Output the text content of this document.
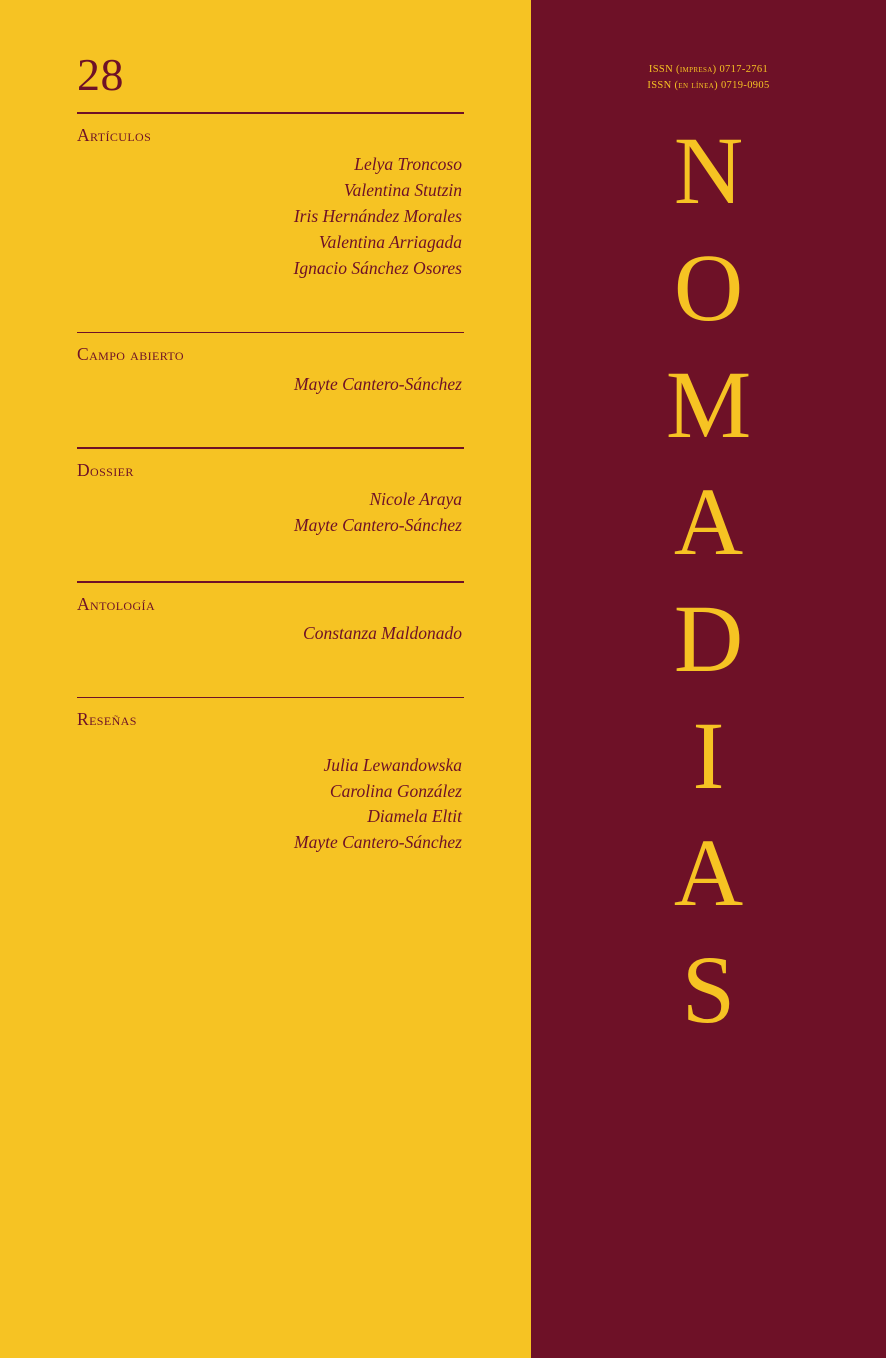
28
Artículos
Lelya Troncoso
Valentina Stutzin
Iris Hernández Morales
Valentina Arriagada
Ignacio Sánchez Osores
Campo abierto
Mayte Cantero-Sánchez
Dossier
Nicole Araya
Mayte Cantero-Sánchez
Antología
Constanza Maldonado
Reseñas
Julia Lewandowska
Carolina González
Diamela Eltit
Mayte Cantero-Sánchez
ISSN (impresa) 0717-2761
ISSN (en línea) 0719-0905
N
O
M
A
D
I
A
S
